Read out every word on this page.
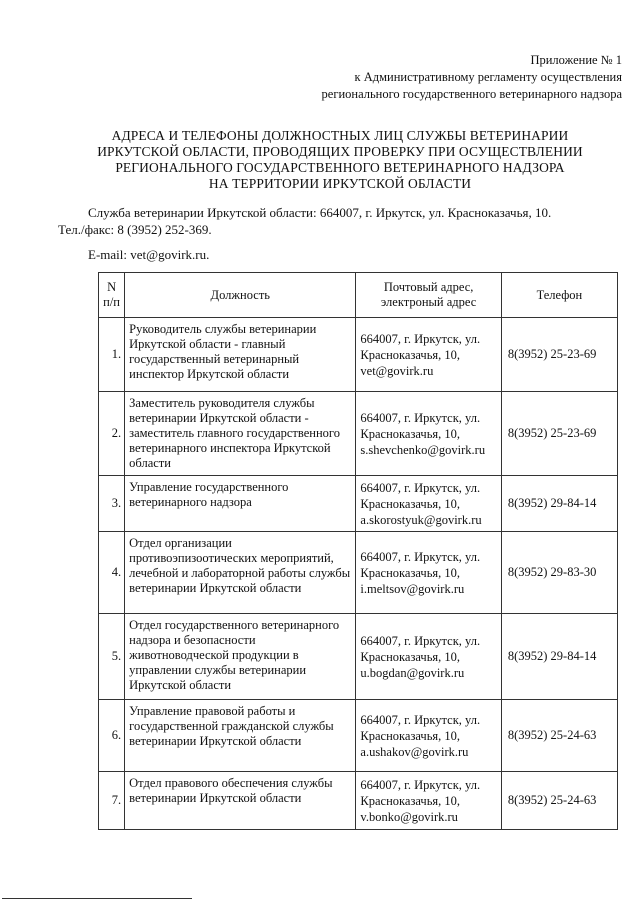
Приложение № 1
к Административному регламенту осуществления
регионального государственного ветеринарного надзора
АДРЕСА И ТЕЛЕФОНЫ ДОЛЖНОСТНЫХ ЛИЦ СЛУЖБЫ ВЕТЕРИНАРИИ
ИРКУТСКОЙ ОБЛАСТИ, ПРОВОДЯЩИХ ПРОВЕРКУ ПРИ ОСУЩЕСТВЛЕНИИ
РЕГИОНАЛЬНОГО ГОСУДАРСТВЕННОГО ВЕТЕРИНАРНОГО НАДЗОРА
НА ТЕРРИТОРИИ ИРКУТСКОЙ ОБЛАСТИ
Служба ветеринарии Иркутской области: 664007, г. Иркутск, ул. Красноказачья, 10.
Тел./факс: 8 (3952) 252-369.
E-mail: vet@govirk.ru.
N п/п	Должность	Почтовый адрес, электроный адрес	Телефон
1.	Руководитель службы ветеринарии Иркутской области - главный государственный ветеринарный инспектор Иркутской области	664007, г. Иркутск, ул. Красноказачья, 10, vet@govirk.ru	8(3952) 25-23-69
2.	Заместитель руководителя службы ветеринарии Иркутской области - заместитель главного государственного ветеринарного инспектора Иркутской области	664007, г. Иркутск, ул. Красноказачья, 10, s.shevchenko@govirk.ru	8(3952) 25-23-69
3.	Управление государственного ветеринарного надзора	664007, г. Иркутск, ул. Красноказачья, 10, a.skorostyuk@govirk.ru	8(3952) 29-84-14
4.	Отдел организации противоэпизоотических мероприятий, лечебной и лабораторной работы службы ветеринарии Иркутской области	664007, г. Иркутск, ул. Красноказачья, 10, i.meltsov@govirk.ru	8(3952) 29-83-30
5.	Отдел государственного ветеринарного надзора и безопасности животноводческой продукции в управлении службы ветеринарии Иркутской области	664007, г. Иркутск, ул. Красноказачья, 10, u.bogdan@govirk.ru	8(3952) 29-84-14
6.	Управление правовой работы и государственной гражданской службы ветеринарии Иркутской области	664007, г. Иркутск, ул. Красноказачья, 10, a.ushakov@govirk.ru	8(3952) 25-24-63
7.	Отдел правового обеспечения службы ветеринарии Иркутской области	664007, г. Иркутск, ул. Красноказачья, 10, v.bonko@govirk.ru	8(3952) 25-24-63
